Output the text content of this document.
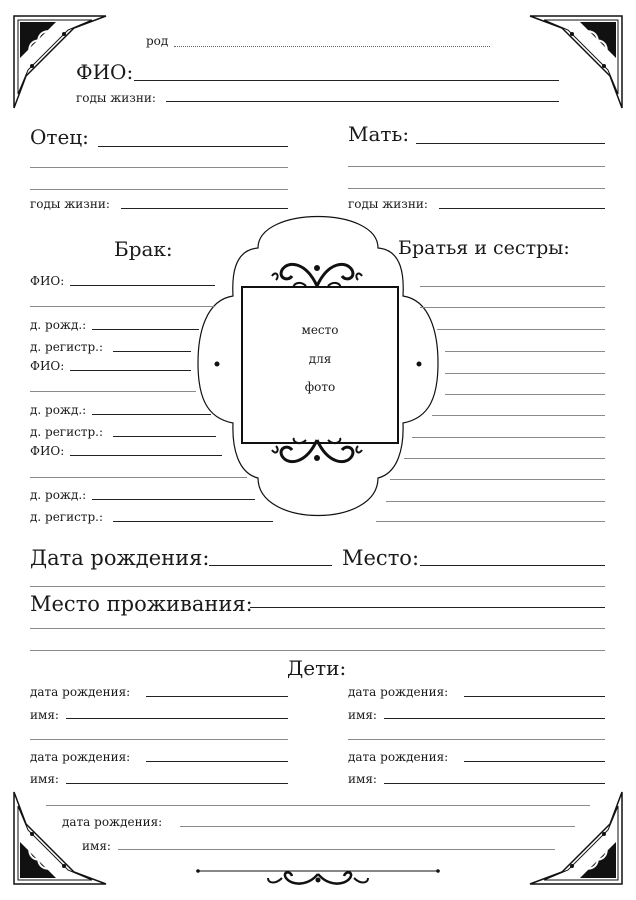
род
ФИО:
годы жизни:
Отец:
годы жизни:
Мать:
годы жизни:
место
для
фото
Брак:
ФИО:
д. рожд.:
д. регистр.:
ФИО:
д. рожд.:
д. регистр.:
ФИО:
д. рожд.:
д. регистр.:
Братья и сестры:
Дата рождения:	Место:
Место проживания:
Дети:
дата рождения:
имя:
дата рождения:
имя:
дата рождения:
имя:
дата рождения:
имя:
дата рождения:
имя:
